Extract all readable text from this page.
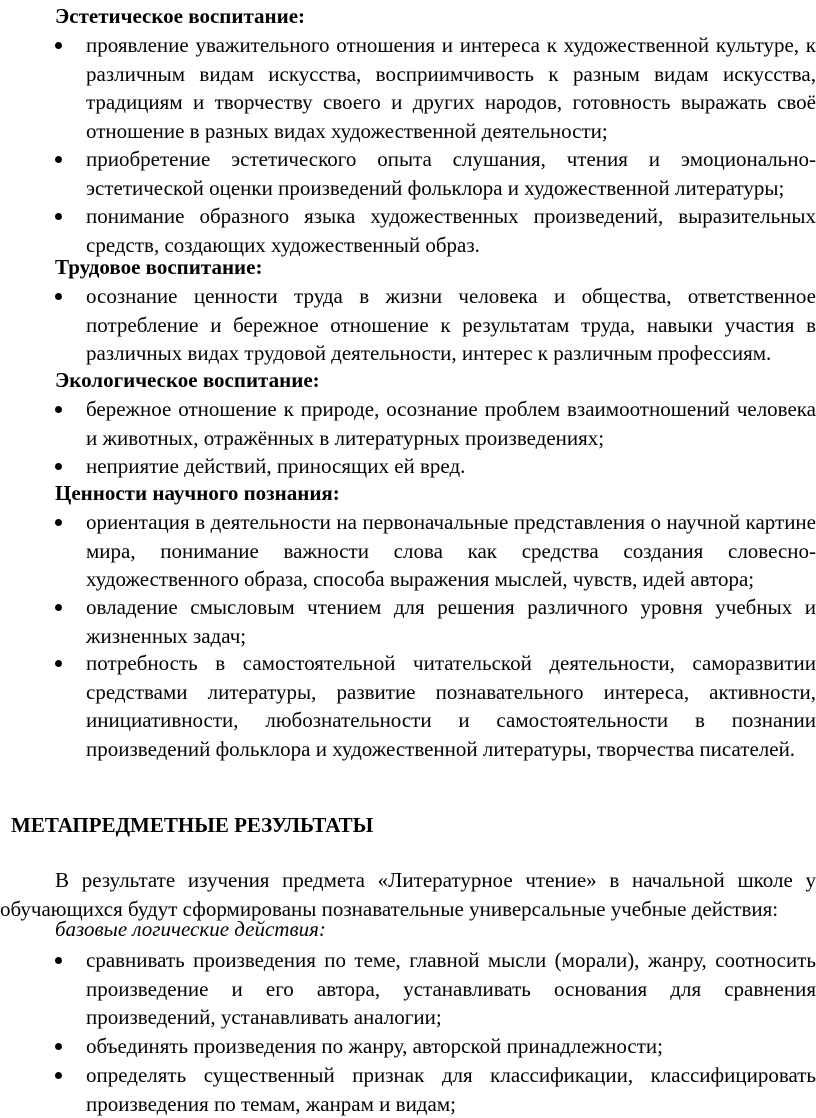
Эстетическое воспитание:
проявление уважительного отношения и интереса к художественной культуре, к различным видам искусства, восприимчивость к разным видам искусства, традициям и творчеству своего и других народов, готовность выражать своё отношение в разных видах художественной деятельности;
приобретение эстетического опыта слушания, чтения и эмоционально-эстетической оценки произведений фольклора и художественной литературы;
понимание образного языка художественных произведений, выразительных средств, создающих художественный образ.
Трудовое воспитание:
осознание ценности труда в жизни человека и общества, ответственное потребление и бережное отношение к результатам труда, навыки участия в различных видах трудовой деятельности, интерес к различным профессиям.
Экологическое воспитание:
бережное отношение к природе, осознание проблем взаимоотношений человека и животных, отражённых в литературных произведениях;
неприятие действий, приносящих ей вред.
Ценности научного познания:
ориентация в деятельности на первоначальные представления о научной картине мира, понимание важности слова как средства создания словесно-художественного образа, способа выражения мыслей, чувств, идей автора;
овладение смысловым чтением для решения различного уровня учебных и жизненных задач;
потребность в самостоятельной читательской деятельности, саморазвитии средствами литературы, развитие познавательного интереса, активности, инициативности, любознательности и самостоятельности в познании произведений фольклора и художественной литературы, творчества писателей.
МЕТАПРЕДМЕТНЫЕ РЕЗУЛЬТАТЫ
В результате изучения предмета «Литературное чтение» в начальной школе у обучающихся будут сформированы познавательные универсальные учебные действия:
базовые логические действия:
сравнивать произведения по теме, главной мысли (морали), жанру, соотносить произведение и его автора, устанавливать основания для сравнения произведений, устанавливать аналогии;
объединять произведения по жанру, авторской принадлежности;
определять существенный признак для классификации, классифицировать произведения по темам, жанрам и видам;
